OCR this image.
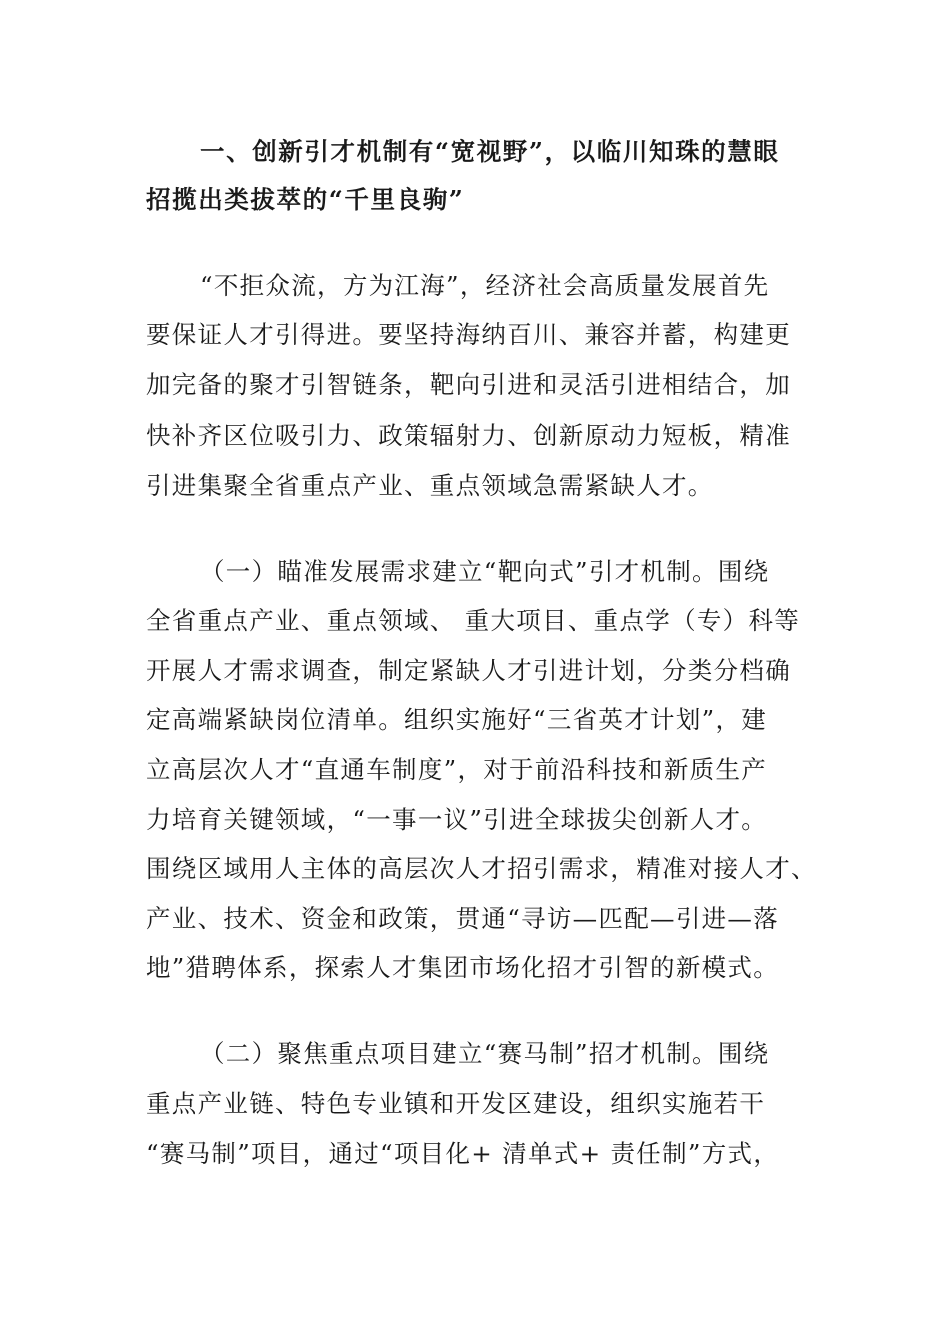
一、创新引才机制有“宽视野”，以临川知珠的慧眼
招揽出类拔萃的“千里良驹”
“不拒众流，方为江海”，经济社会高质量发展首先
要保证人才引得进。要坚持海纳百川、兼容并蓄，构建更
加完备的聚才引智链条，靶向引进和灵活引进相结合，加
快补齐区位吸引力、政策辐射力、创新原动力短板，精准
引进集聚全省重点产业、重点领域急需紧缺人才。
（一）瞄准发展需求建立“靶向式”引才机制。围绕
全省重点产业、重点领域、 重大项目、重点学（专）科等
开展人才需求调查，制定紧缺人才引进计划，分类分档确
定高端紧缺岗位清单。组织实施好“三省英才计划”，建
立高层次人才“直通车制度”，对于前沿科技和新质生产
力培育关键领域，“一事一议”引进全球拔尖创新人才。
围绕区域用人主体的高层次人才招引需求，精准对接人才、
产业、技术、资金和政策，贯通“寻访—匹配—引进—落
地”猎聘体系，探索人才集团市场化招才引智的新模式。
（二）聚焦重点项目建立“赛马制”招才机制。围绕
重点产业链、特色专业镇和开发区建设，组织实施若干
“赛马制”项目，通过“项目化+ 清单式+ 责任制”方式，
